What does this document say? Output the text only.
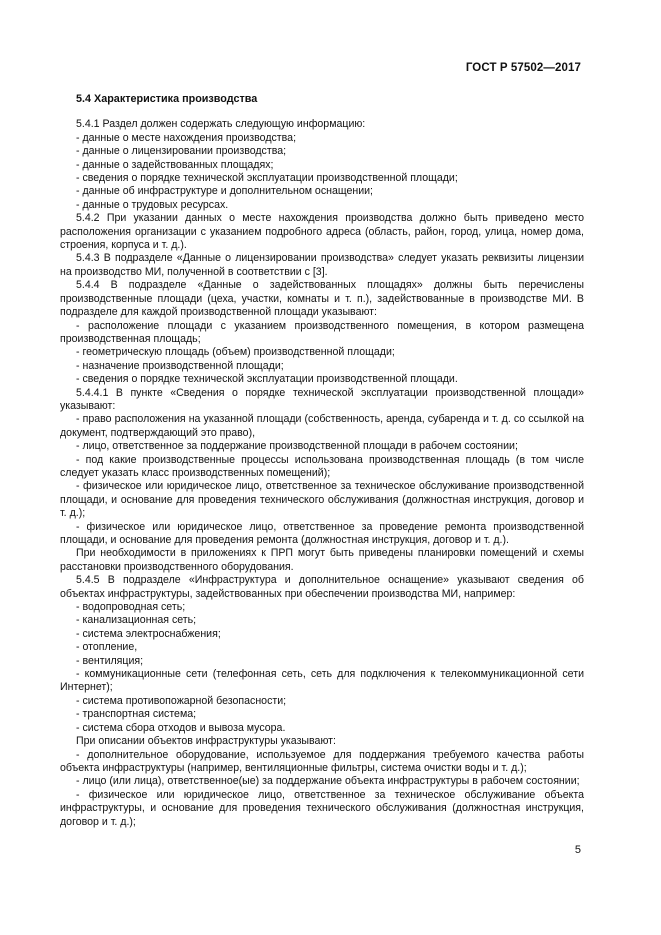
ГОСТ Р 57502—2017
5.4 Характеристика производства

5.4.1 Раздел должен содержать следующую информацию:

- данные о месте нахождения производства;

- данные о лицензировании производства;

- данные о задействованных площадях;

- сведения о порядке технической эксплуатации производственной площади;

- данные об инфраструктуре и дополнительном оснащении;

- данные о трудовых ресурсах.

5.4.2 При указании данных о месте нахождения производства должно быть приведено место расположения организации с указанием подробного адреса (область, район, город, улица, номер дома, строения, корпуса и т. д.).

5.4.3 В подразделе «Данные о лицензировании производства» следует указать реквизиты лицензии на производство МИ, полученной в соответствии с [3].

5.4.4 В подразделе «Данные о задействованных площадях» должны быть перечислены производственные площади (цеха, участки, комнаты и т. п.), задействованные в производстве МИ. В подразделе для каждой производственной площади указывают:

- расположение площади с указанием производственного помещения, в котором размещена производственная площадь;

- геометрическую площадь (объем) производственной площади;

- назначение производственной площади;

- сведения о порядке технической эксплуатации производственной площади.

5.4.4.1 В пункте «Сведения о порядке технической эксплуатации производственной площади» указывают:

- право расположения на указанной площади (собственность, аренда, субаренда и т. д. со ссылкой на документ, подтверждающий это право),

- лицо, ответственное за поддержание производственной площади в рабочем состоянии;

- под какие производственные процессы использована производственная площадь (в том числе следует указать класс производственных помещений);

- физическое или юридическое лицо, ответственное за техническое обслуживание производственной площади, и основание для проведения технического обслуживания (должностная инструкция, договор и т. д.);

- физическое или юридическое лицо, ответственное за проведение ремонта производственной площади, и основание для проведения ремонта (должностная инструкция, договор и т. д.).

При необходимости в приложениях к ПРП могут быть приведены планировки помещений и схемы расстановки производственного оборудования.

5.4.5 В подразделе «Инфраструктура и дополнительное оснащение» указывают сведения об объектах инфраструктуры, задействованных при обеспечении производства МИ, например:

- водопроводная сеть;

- канализационная сеть;

- система электроснабжения;

- отопление,

- вентиляция;

- коммуникационные сети (телефонная сеть, сеть для подключения к телекоммуникационной сети Интернет);

- система противопожарной безопасности;

- транспортная система;

- система сбора отходов и вывоза мусора.

При описании объектов инфраструктуры указывают:

- дополнительное оборудование, используемое для поддержания требуемого качества работы объекта инфраструктуры (например, вентиляционные фильтры, система очистки воды и т. д.);

- лицо (или лица), ответственное(ые) за поддержание объекта инфраструктуры в рабочем состоянии;

- физическое или юридическое лицо, ответственное за техническое обслуживание объекта инфраструктуры, и основание для проведения технического обслуживания (должностная инструкция, договор и т. д.);

5
